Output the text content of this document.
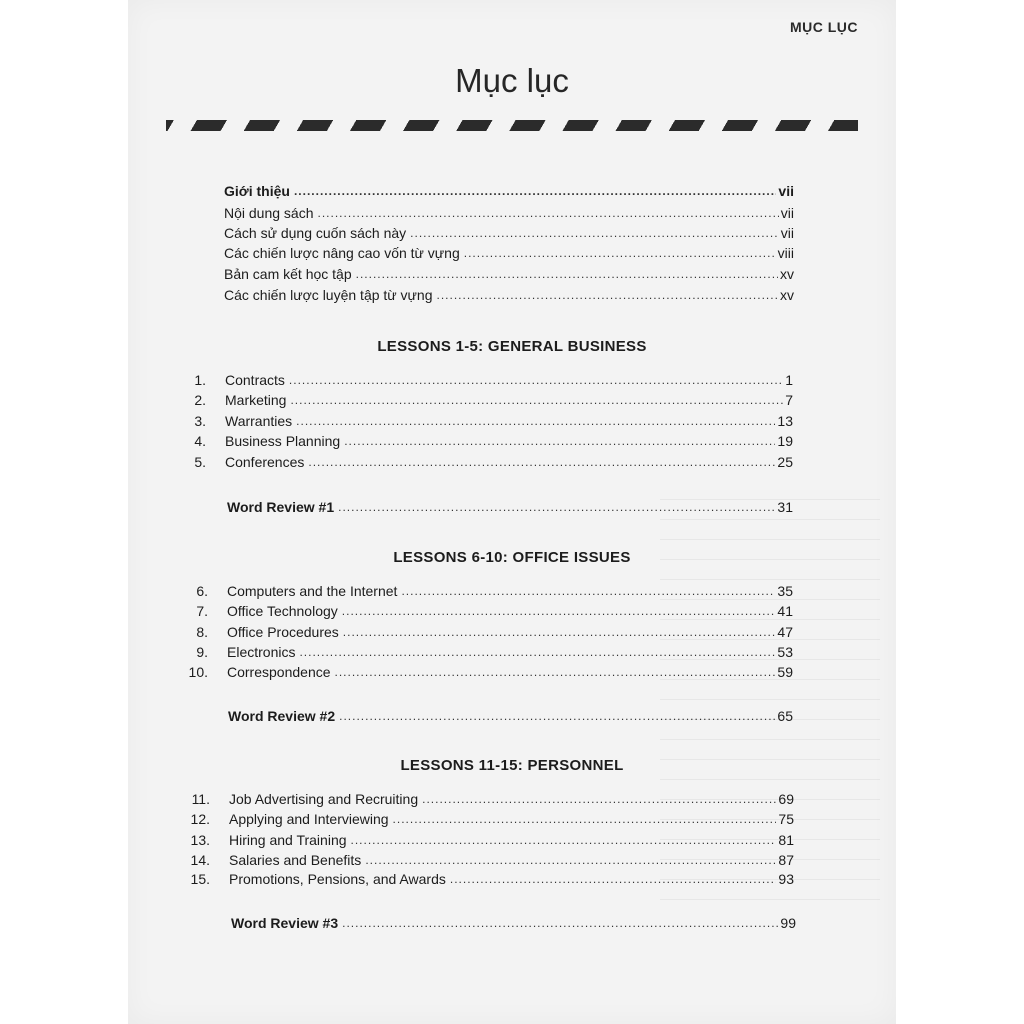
MỤC LỤC
Mục lục
Giới thiệu .....	vii
Nội dung sách .....	vii
Cách sử dụng cuốn sách này .....	vii
Các chiến lược nâng cao vốn từ vựng .....	viii
Bản cam kết học tập .....	xv
Các chiến lược luyện tập từ vựng .....	xv
LESSONS 1-5: GENERAL BUSINESS
1. Contracts .....	1
2. Marketing .....	7
3. Warranties .....	13
4. Business Planning .....	19
5. Conferences .....	25
Word Review #1 .....	31
LESSONS 6-10: OFFICE ISSUES
6. Computers and the Internet .....	35
7. Office Technology .....	41
8. Office Procedures .....	47
9. Electronics .....	53
10. Correspondence .....	59
Word Review #2 .....	65
LESSONS 11-15: PERSONNEL
11. Job Advertising and Recruiting .....	69
12. Applying and Interviewing .....	75
13. Hiring and Training .....	81
14. Salaries and Benefits .....	87
15. Promotions, Pensions, and Awards .....	93
Word Review #3 .....	99
